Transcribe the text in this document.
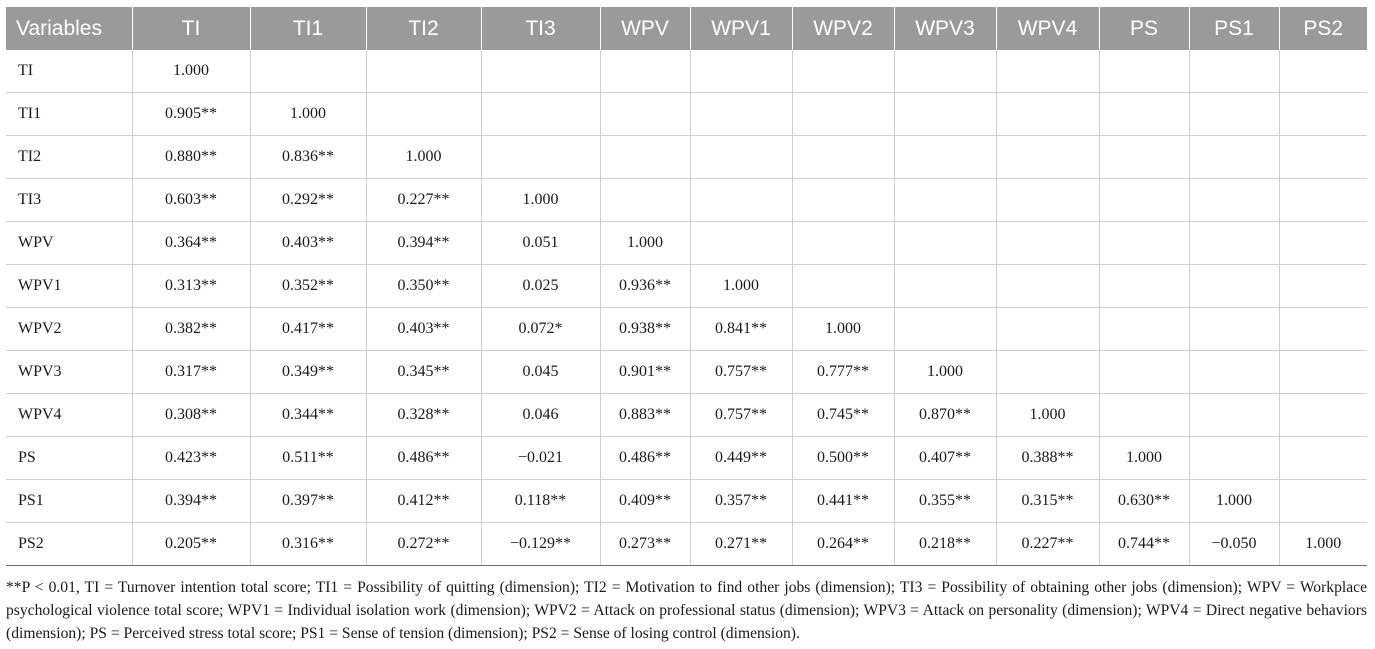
Variables	TI	TI1	TI2	TI3	WPV	WPV1	WPV2	WPV3	WPV4	PS	PS1	PS2
TI	1.000											
TI1	0.905**	1.000										
TI2	0.880**	0.836**	1.000									
TI3	0.603**	0.292**	0.227**	1.000								
WPV	0.364**	0.403**	0.394**	0.051	1.000							
WPV1	0.313**	0.352**	0.350**	0.025	0.936**	1.000						
WPV2	0.382**	0.417**	0.403**	0.072*	0.938**	0.841**	1.000					
WPV3	0.317**	0.349**	0.345**	0.045	0.901**	0.757**	0.777**	1.000				
WPV4	0.308**	0.344**	0.328**	0.046	0.883**	0.757**	0.745**	0.870**	1.000			
PS	0.423**	0.511**	0.486**	−0.021	0.486**	0.449**	0.500**	0.407**	0.388**	1.000		
PS1	0.394**	0.397**	0.412**	0.118**	0.409**	0.357**	0.441**	0.355**	0.315**	0.630**	1.000	
PS2	0.205**	0.316**	0.272**	−0.129**	0.273**	0.271**	0.264**	0.218**	0.227**	0.744**	−0.050	1.000
**P < 0.01, TI = Turnover intention total score; TI1 = Possibility of quitting (dimension); TI2 = Motivation to find other jobs (dimension); TI3 = Possibility of obtaining other jobs (dimension); WPV = Workplace psychological violence total score; WPV1 = Individual isolation work (dimension); WPV2 = Attack on professional status (dimension); WPV3 = Attack on personality (dimension); WPV4 = Direct negative behaviors (dimension); PS = Perceived stress total score; PS1 = Sense of tension (dimension); PS2 = Sense of losing control (dimension).
